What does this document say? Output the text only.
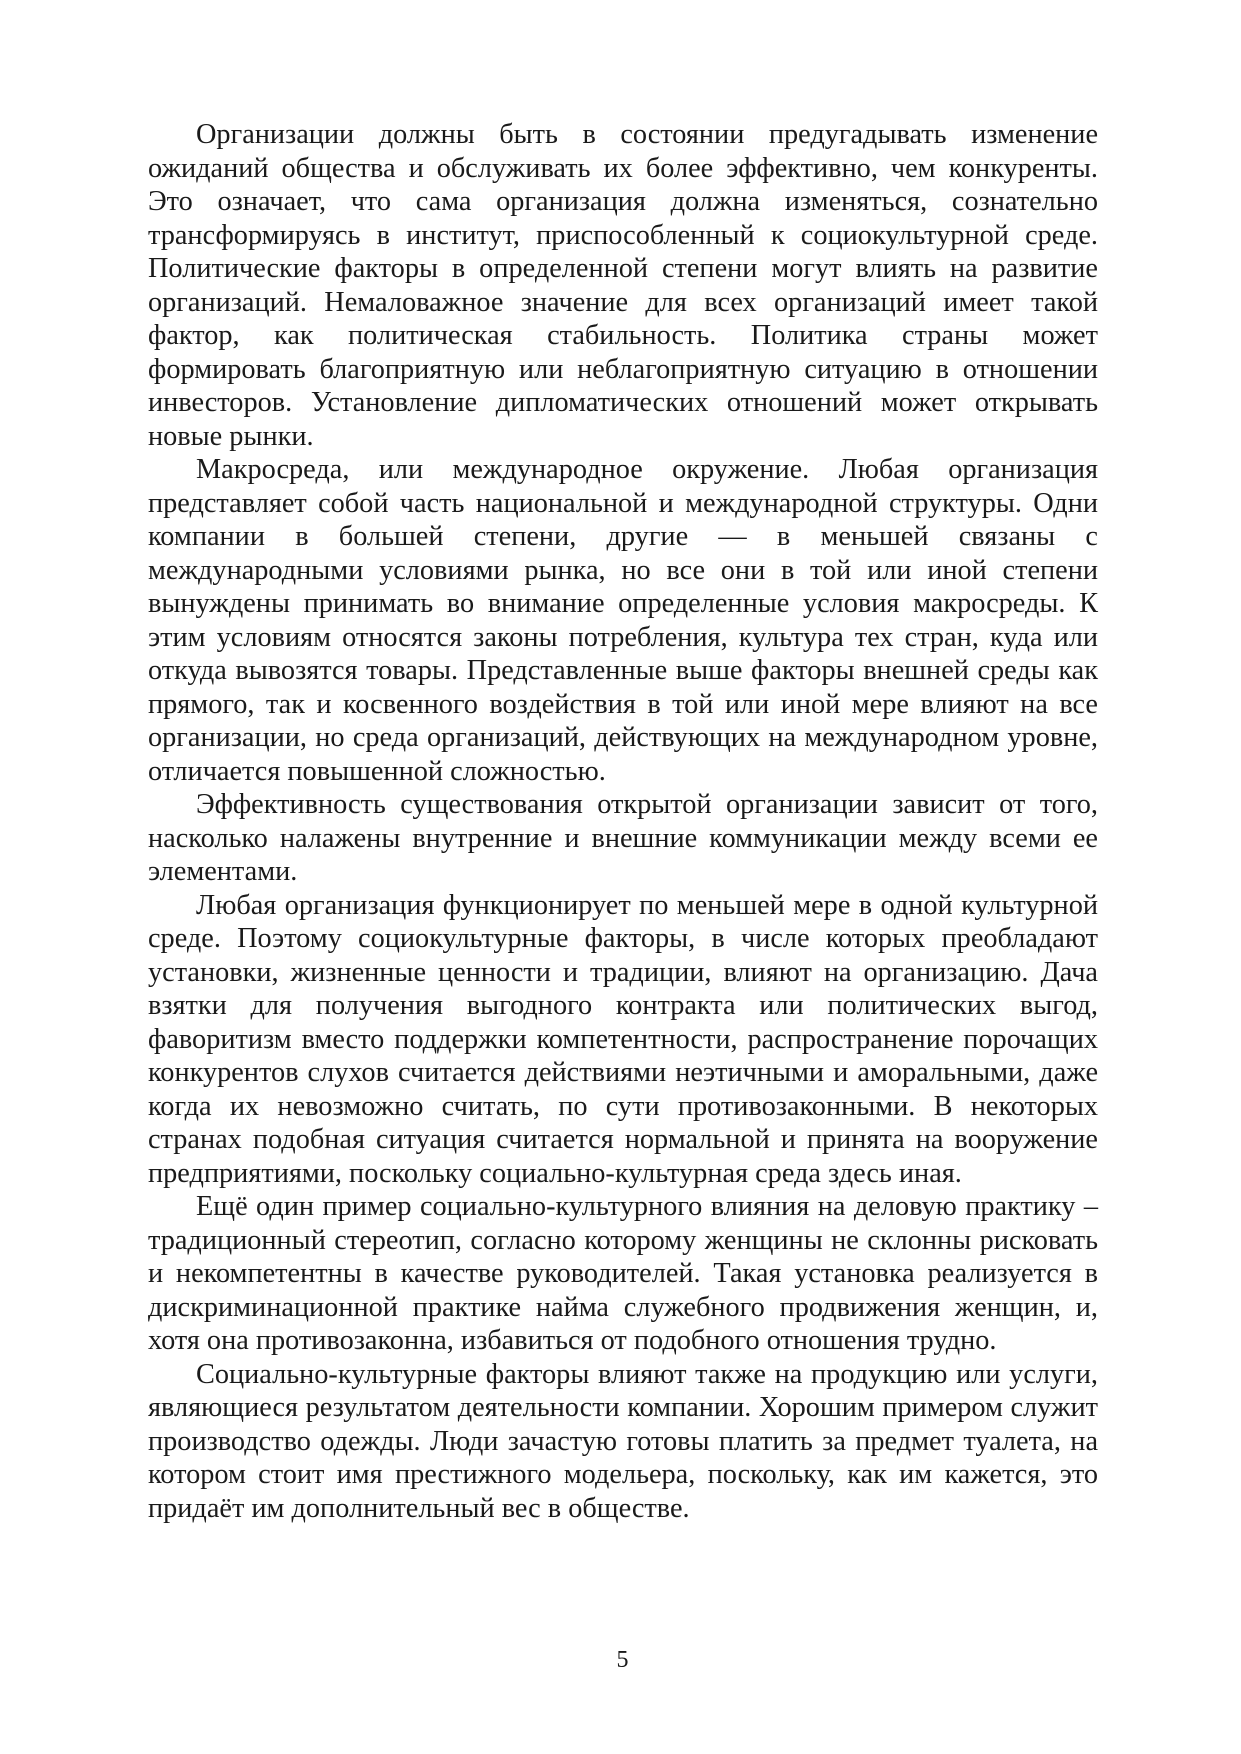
Организации должны быть в состоянии предугадывать изменение ожиданий общества и обслуживать их более эффективно, чем конкуренты. Это означает, что сама организация должна изменяться, сознательно трансформируясь в институт, приспособленный к социокультурной среде. Политические факторы в определенной степени могут влиять на развитие организаций. Немаловажное значение для всех организаций имеет такой фактор, как политическая стабильность. Политика страны может формировать благоприятную или неблагоприятную ситуацию в отношении инвесторов. Установление дипломатических отношений может открывать новые рынки.

Макросреда, или международное окружение. Любая организация представляет собой часть национальной и международной структуры. Одни компании в большей степени, другие — в меньшей связаны с международными условиями рынка, но все они в той или иной степени вынуждены принимать во внимание определенные условия макросреды. К этим условиям относятся законы потребления, культура тех стран, куда или откуда вывозятся товары. Представленные выше факторы внешней среды как прямого, так и косвенного воздействия в той или иной мере влияют на все организации, но среда организаций, действующих на международном уровне, отличается повышенной сложностью.

Эффективность существования открытой организации зависит от того, насколько налажены внутренние и внешние коммуникации между всеми ее элементами.

Любая организация функционирует по меньшей мере в одной культурной среде. Поэтому социокультурные факторы, в числе которых преобладают установки, жизненные ценности и традиции, влияют на организацию. Дача взятки для получения выгодного контракта или политических выгод, фаворитизм вместо поддержки компетентности, распространение порочащих конкурентов слухов считается действиями неэтичными и аморальными, даже когда их невозможно считать, по сути противозаконными. В некоторых странах подобная ситуация считается нормальной и принята на вооружение предприятиями, поскольку социально-культурная среда здесь иная.

Ещё один пример социально-культурного влияния на деловую практику – традиционный стереотип, согласно которому женщины не склонны рисковать и некомпетентны в качестве руководителей. Такая установка реализуется в дискриминационной практике найма служебного продвижения женщин, и, хотя она противозаконна, избавиться от подобного отношения трудно.

Социально-культурные факторы влияют также на продукцию или услуги, являющиеся результатом деятельности компании. Хорошим примером служит производство одежды. Люди зачастую готовы платить за предмет туалета, на котором стоит имя престижного модельера, поскольку, как им кажется, это придаёт им дополнительный вес в обществе.

5
